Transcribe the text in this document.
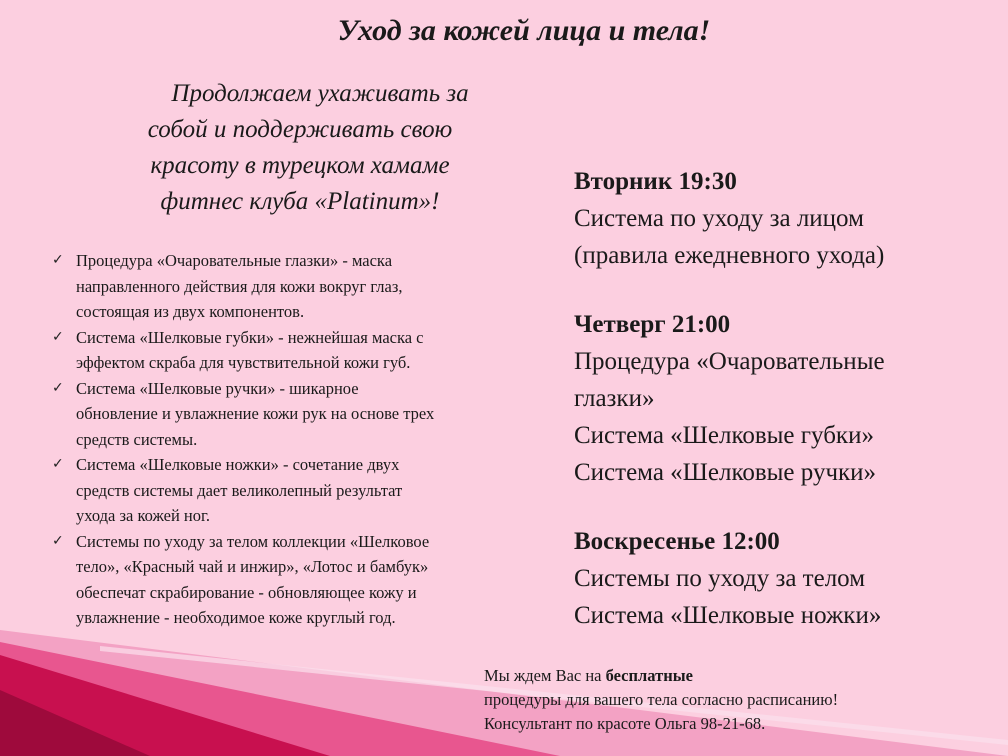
Уход за кожей лица и тела!
Продолжаем ухаживать за
собой и поддерживать свою
красоту в турецком хамаме
фитнес клуба «Platinum»!
✓ Процедура «Очаровательные глазки» - маска
направленного действия для кожи вокруг глаз,
состоящая из двух компонентов.
✓ Система «Шелковые губки» - нежнейшая маска с
эффектом скраба для чувствительной кожи губ.
✓ Система «Шелковые ручки» - шикарное
обновление и увлажнение кожи рук на основе трех
средств системы.
✓ Система «Шелковые ножки» - сочетание двух
средств системы дает великолепный результат
ухода за кожей ног.
✓ Системы по уходу за телом коллекции «Шелковое
тело», «Красный чай и инжир», «Лотос и бамбук»
обеспечат скрабирование - обновляющее кожу и
увлажнение - необходимое коже круглый год.
Вторник 19:30
Система по уходу за лицом
(правила ежедневного ухода)
Четверг 21:00
Процедура «Очаровательные
глазки»
Система «Шелковые губки»
Система «Шелковые ручки»
Воскресенье 12:00
Системы по уходу за телом
Система «Шелковые ножки»
Мы ждем Вас на бесплатные
процедуры для вашего тела согласно расписанию!
Консультант по красоте Ольга 98-21-68.
